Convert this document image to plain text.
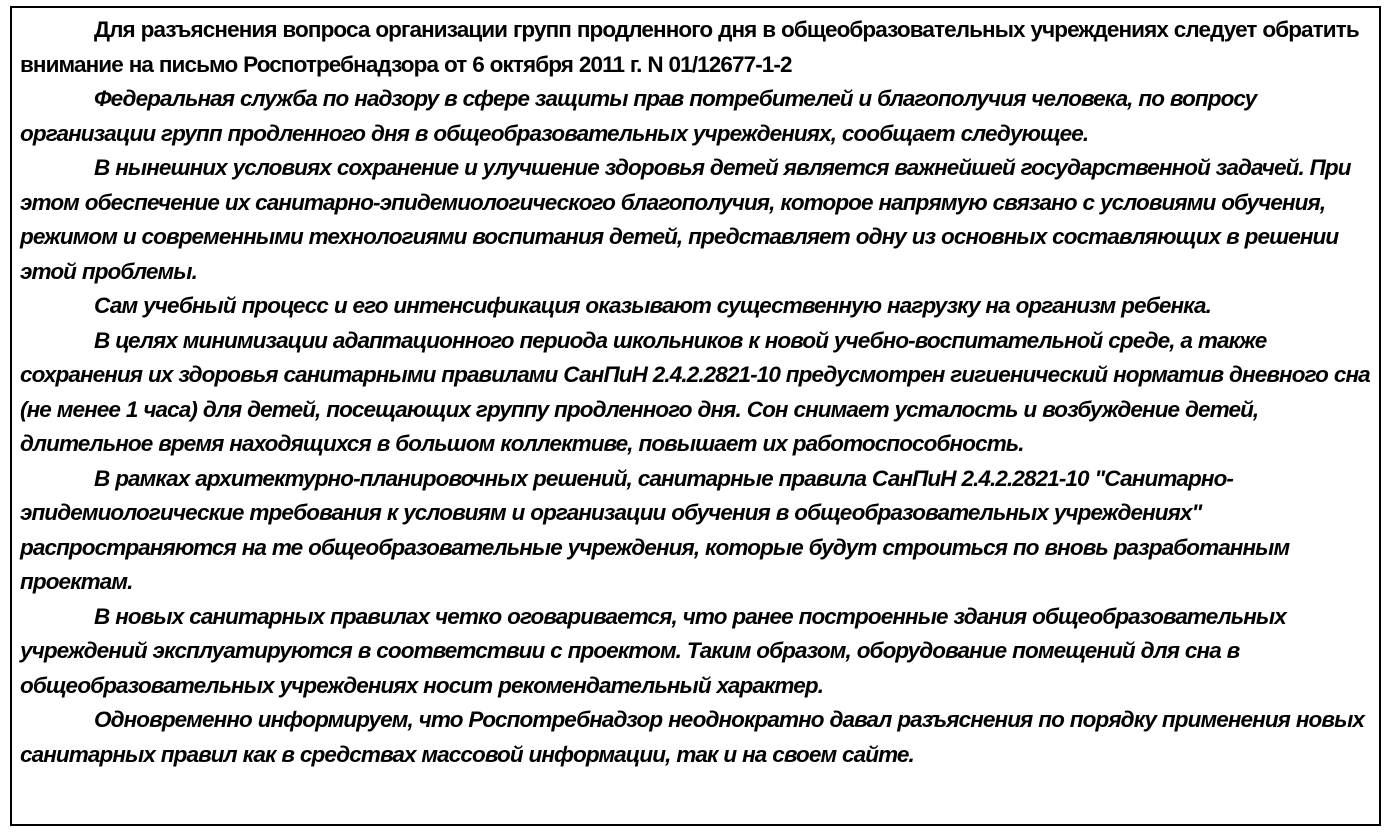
Для разъяснения вопроса организации групп продленного дня в общеобразовательных учреждениях следует обратить внимание на письмо Роспотребнадзора от 6 октября 2011 г. N 01/12677-1-2

Федеральная служба по надзору в сфере защиты прав потребителей и благополучия человека, по вопросу организации групп продленного дня в общеобразовательных учреждениях, сообщает следующее.

В нынешних условиях сохранение и улучшение здоровья детей является важнейшей государственной задачей. При этом обеспечение их санитарно-эпидемиологического благополучия, которое напрямую связано с условиями обучения, режимом и современными технологиями воспитания детей, представляет одну из основных составляющих в решении этой проблемы.

Сам учебный процесс и его интенсификация оказывают существенную нагрузку на организм ребенка.

В целях минимизации адаптационного периода школьников к новой учебно-воспитательной среде, а также сохранения их здоровья санитарными правилами СанПиН 2.4.2.2821-10 предусмотрен гигиенический норматив дневного сна (не менее 1 часа) для детей, посещающих группу продленного дня. Сон снимает усталость и возбуждение детей, длительное время находящихся в большом коллективе, повышает их работоспособность.

В рамках архитектурно-планировочных решений, санитарные правила СанПиН 2.4.2.2821-10 "Санитарно-эпидемиологические требования к условиям и организации обучения в общеобразовательных учреждениях" распространяются на те общеобразовательные учреждения, которые будут строиться по вновь разработанным проектам.

В новых санитарных правилах четко оговаривается, что ранее построенные здания общеобразовательных учреждений эксплуатируются в соответствии с проектом. Таким образом, оборудование помещений для сна в общеобразовательных учреждениях носит рекомендательный характер.

Одновременно информируем, что Роспотребнадзор неоднократно давал разъяснения по порядку применения новых санитарных правил как в средствах массовой информации, так и на своем сайте.
